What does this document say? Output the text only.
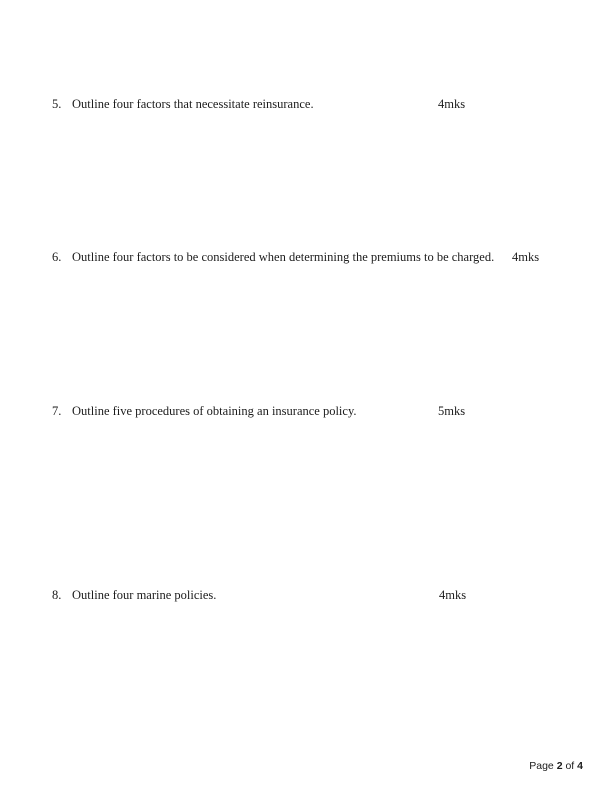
5. Outline four factors that necessitate reinsurance.	4mks
6. Outline four factors to be considered when determining the premiums to be charged. 4mks
7. Outline five procedures of obtaining an insurance policy.	5mks
8. Outline four marine policies.	4mks
Page 2 of 4
